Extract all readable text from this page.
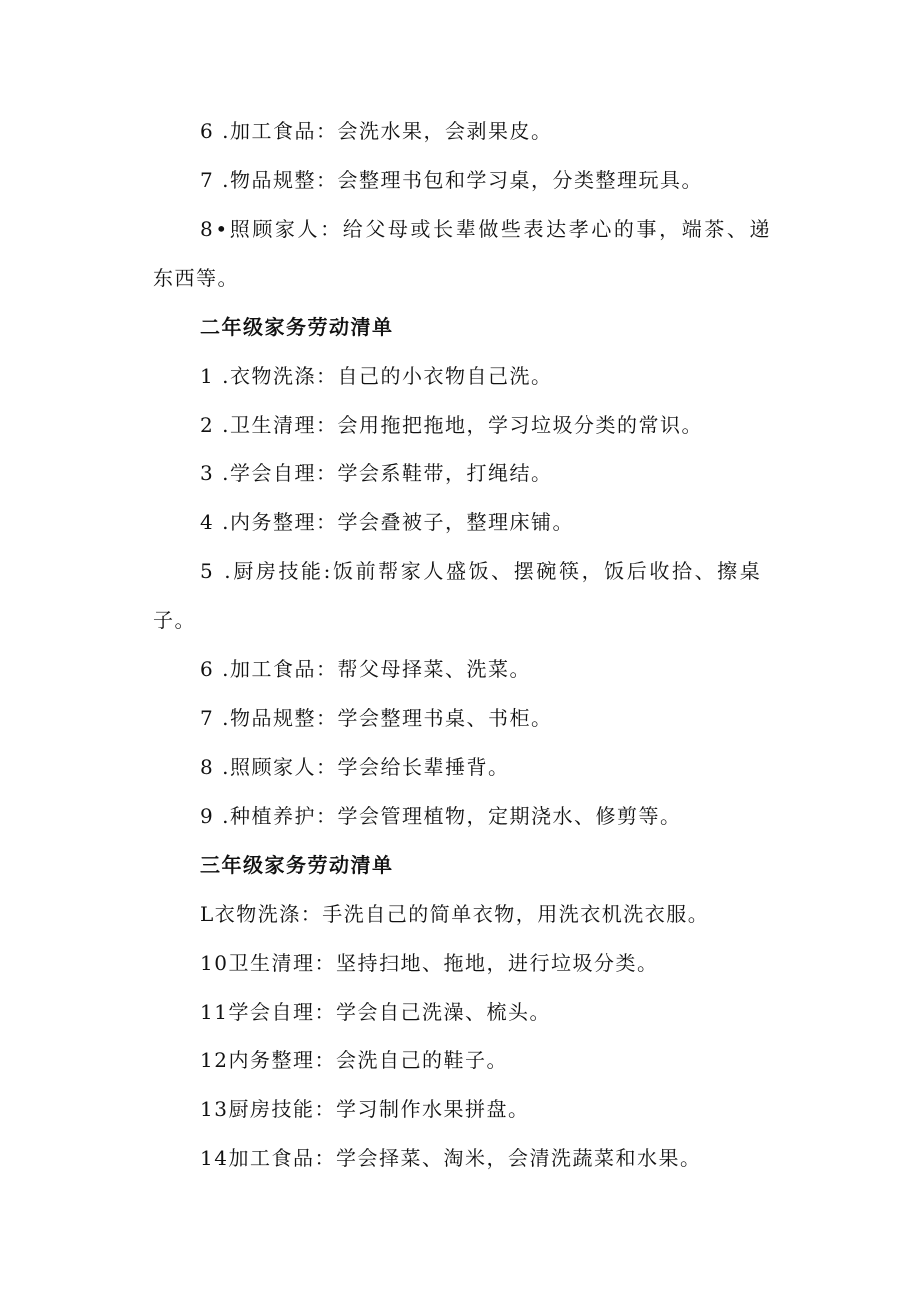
6 .加工食品：会洗水果，会剥果皮。
7 .物品规整：会整理书包和学习桌，分类整理玩具。
8•照顾家人：给父母或长辈做些表达孝心的事，端茶、递
东西等。
二年级家务劳动清单
1 .衣物洗涤：自己的小衣物自己洗。
2 .卫生清理：会用拖把拖地，学习垃圾分类的常识。
3 .学会自理：学会系鞋带，打绳结。
4 .内务整理：学会叠被子，整理床铺。
5 .厨房技能:饭前帮家人盛饭、摆碗筷，饭后收拾、擦桌
子。
6 .加工食品：帮父母择菜、洗菜。
7 .物品规整：学会整理书桌、书柜。
8 .照顾家人：学会给长辈捶背。
9 .种植养护：学会管理植物，定期浇水、修剪等。
三年级家务劳动清单
L衣物洗涤：手洗自己的简单衣物，用洗衣机洗衣服。
10卫生清理：坚持扫地、拖地，进行垃圾分类。
11学会自理：学会自己洗澡、梳头。
12内务整理：会洗自己的鞋子。
13厨房技能：学习制作水果拼盘。
14加工食品：学会择菜、淘米，会清洗蔬菜和水果。
